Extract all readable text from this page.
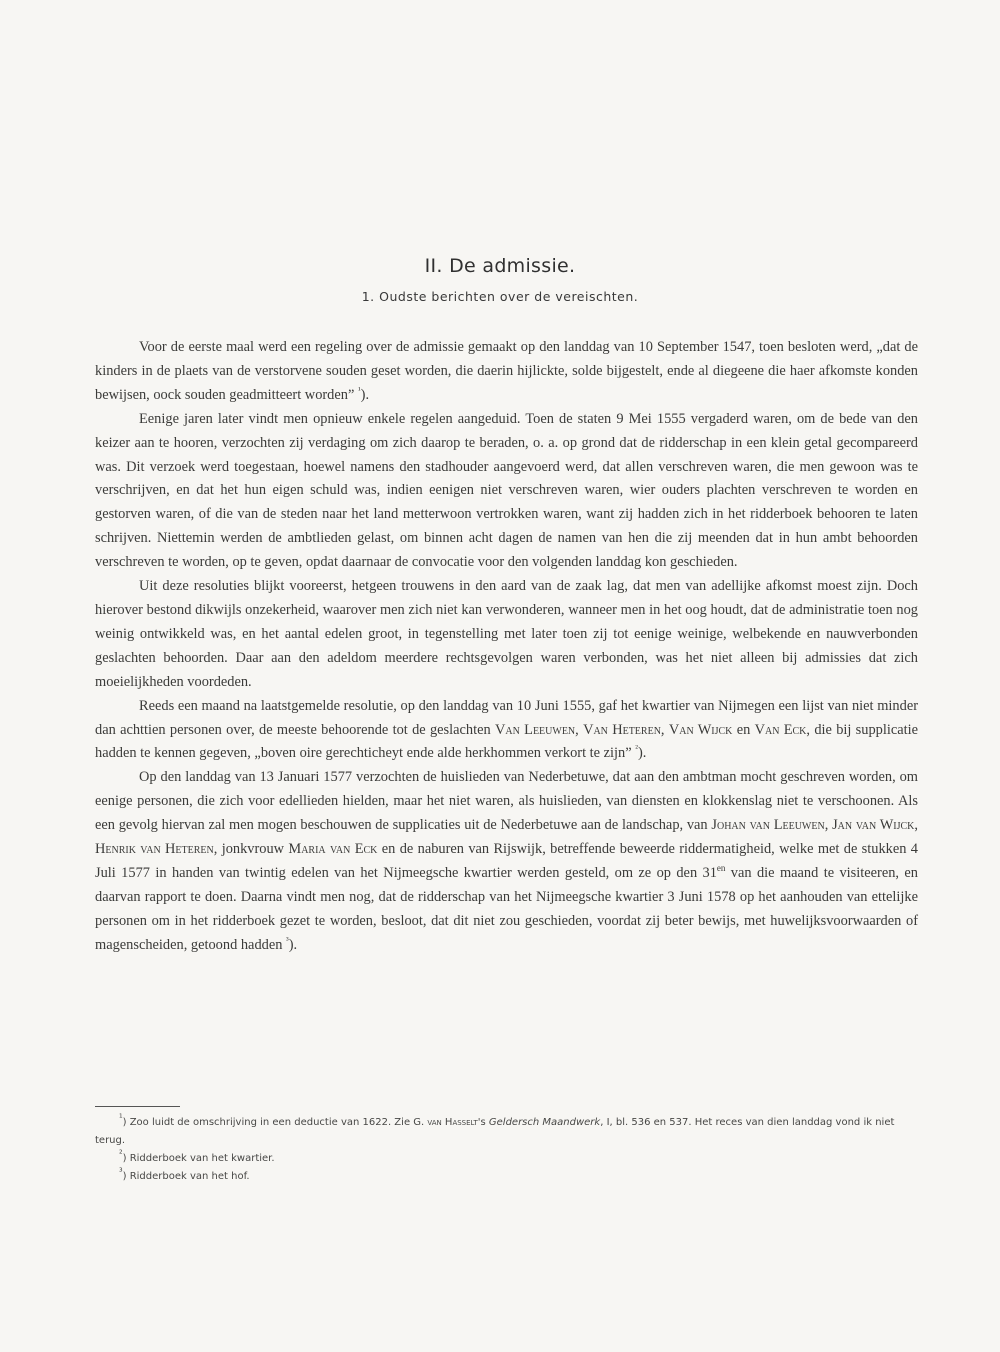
II. De admissie.
1. Oudste berichten over de vereischten.

Voor de eerste maal werd een regeling over de admissie gemaakt op den landdag van 10 September 1547, toen besloten werd, „dat de kinders in de plaets van de verstorvene souden geset worden, die daerin hijlickte, solde bijgestelt, ende al diegeene die haer afkomste konden bewijsen, oock souden geadmitteert worden” $^{^1}$).

Eenige jaren later vindt men opnieuw enkele regelen aangeduid. Toen de staten 9 Mei 1555 vergaderd waren, om de bede van den keizer aan te hooren, verzochten zij verdaging om zich daarop te beraden, o. a. op grond dat de ridderschap in een klein getal gecompareerd was. Dit verzoek werd toegestaan, hoewel namens den stadhouder aangevoerd werd, dat allen verschreven waren, die men gewoon was te verschrijven, en dat het hun eigen schuld was, indien eenigen niet verschreven waren, wier ouders plachten verschreven te worden en gestorven waren, of die van de steden naar het land metterwoon vertrokken waren, want zij hadden zich in het ridderboek behooren te laten schrijven. Niettemin werden de ambtlieden gelast, om binnen acht dagen de namen van hen die zij meenden dat in hun ambt behoorden verschreven te worden, op te geven, opdat daarnaar de convocatie voor den volgenden landdag kon geschieden.

Uit deze resoluties blijkt vooreerst, hetgeen trouwens in den aard van de zaak lag, dat men van adellijke afkomst moest zijn. Doch hierover bestond dikwijls onzekerheid, waarover men zich niet kan verwonderen, wanneer men in het oog houdt, dat de administratie toen nog weinig ontwikkeld was, en het aantal edelen groot, in tegenstelling met later toen zij tot eenige weinige, welbekende en nauwverbonden geslachten behoorden. Daar aan den adeldom meerdere rechtsgevolgen waren verbonden, was het niet alleen bij admissies dat zich moeielijkheden voordeden.

Reeds een maand na laatstgemelde resolutie, op den landdag van 10 Juni 1555, gaf het kwartier van Nijmegen een lijst van niet minder dan achttien personen over, de meeste behoorende tot de geslachten Van Leeuwen, Van Heteren, Van Wijck en Van Eck, die bij supplicatie hadden te kennen gegeven, „boven oire gerechticheyt ende alde herkhommen verkort te zijn” $^{^2}$).

Op den landdag van 13 Januari 1577 verzochten de huislieden van Nederbetuwe, dat aan den ambtman mocht geschreven worden, om eenige personen, die zich voor edellieden hielden, maar het niet waren, als huislieden, van diensten en klokkenslag niet te verschoonen. Als een gevolg hiervan zal men mogen beschouwen de supplicaties uit de Nederbetuwe aan de landschap, van Johan van Leeuwen, Jan van Wijck, Henrik van Heteren, jonkvrouw Maria van Eck en de naburen van Rijswijk, betreffende beweerde riddermatigheid, welke met de stukken 4 Juli 1577 in handen van twintig edelen van het Nijmeegsche kwartier werden gesteld, om ze op den $31^{en}$ van die maand te visiteeren, en daarvan rapport te doen. Daarna vindt men nog, dat de ridderschap van het Nijmeegsche kwartier 3 Juni 1578 op het aanhouden van ettelijke personen om in het ridderboek gezet te worden, besloot, dat dit niet zou geschieden, voordat zij beter bewijs, met huwelijksvoorwaarden of magenscheiden, getoond hadden $^{^3}$).

$^{^1}$) Zoo luidt de omschrijving in een deductie van 1622. Zie G. van Hasselt's Geldersch Maandwerk, I, bl. 536 en 537. Het reces van dien landdag vond ik niet terug.

$^{^2}$) Ridderboek van het kwartier.

$^{^3}$) Ridderboek van het hof.
